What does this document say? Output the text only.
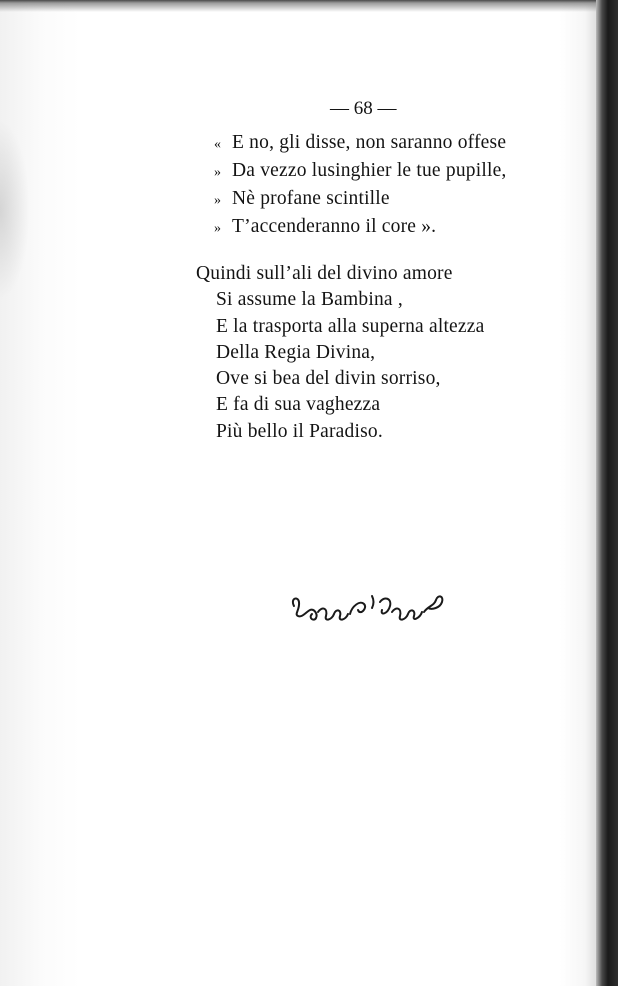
— 68 —
« E no, gli disse, non saranno offese
» Da vezzo lusinghier le tue pupille,
» Nè profane scintille
» T’accenderanno il core ».
Quindi sull’ali del divino amore
Si assume la Bambina ,
E la trasporta alla superna altezza
Della Regia Divina,
Ove si bea del divin sorriso,
E fa di sua vaghezza
Più bello il Paradiso.
